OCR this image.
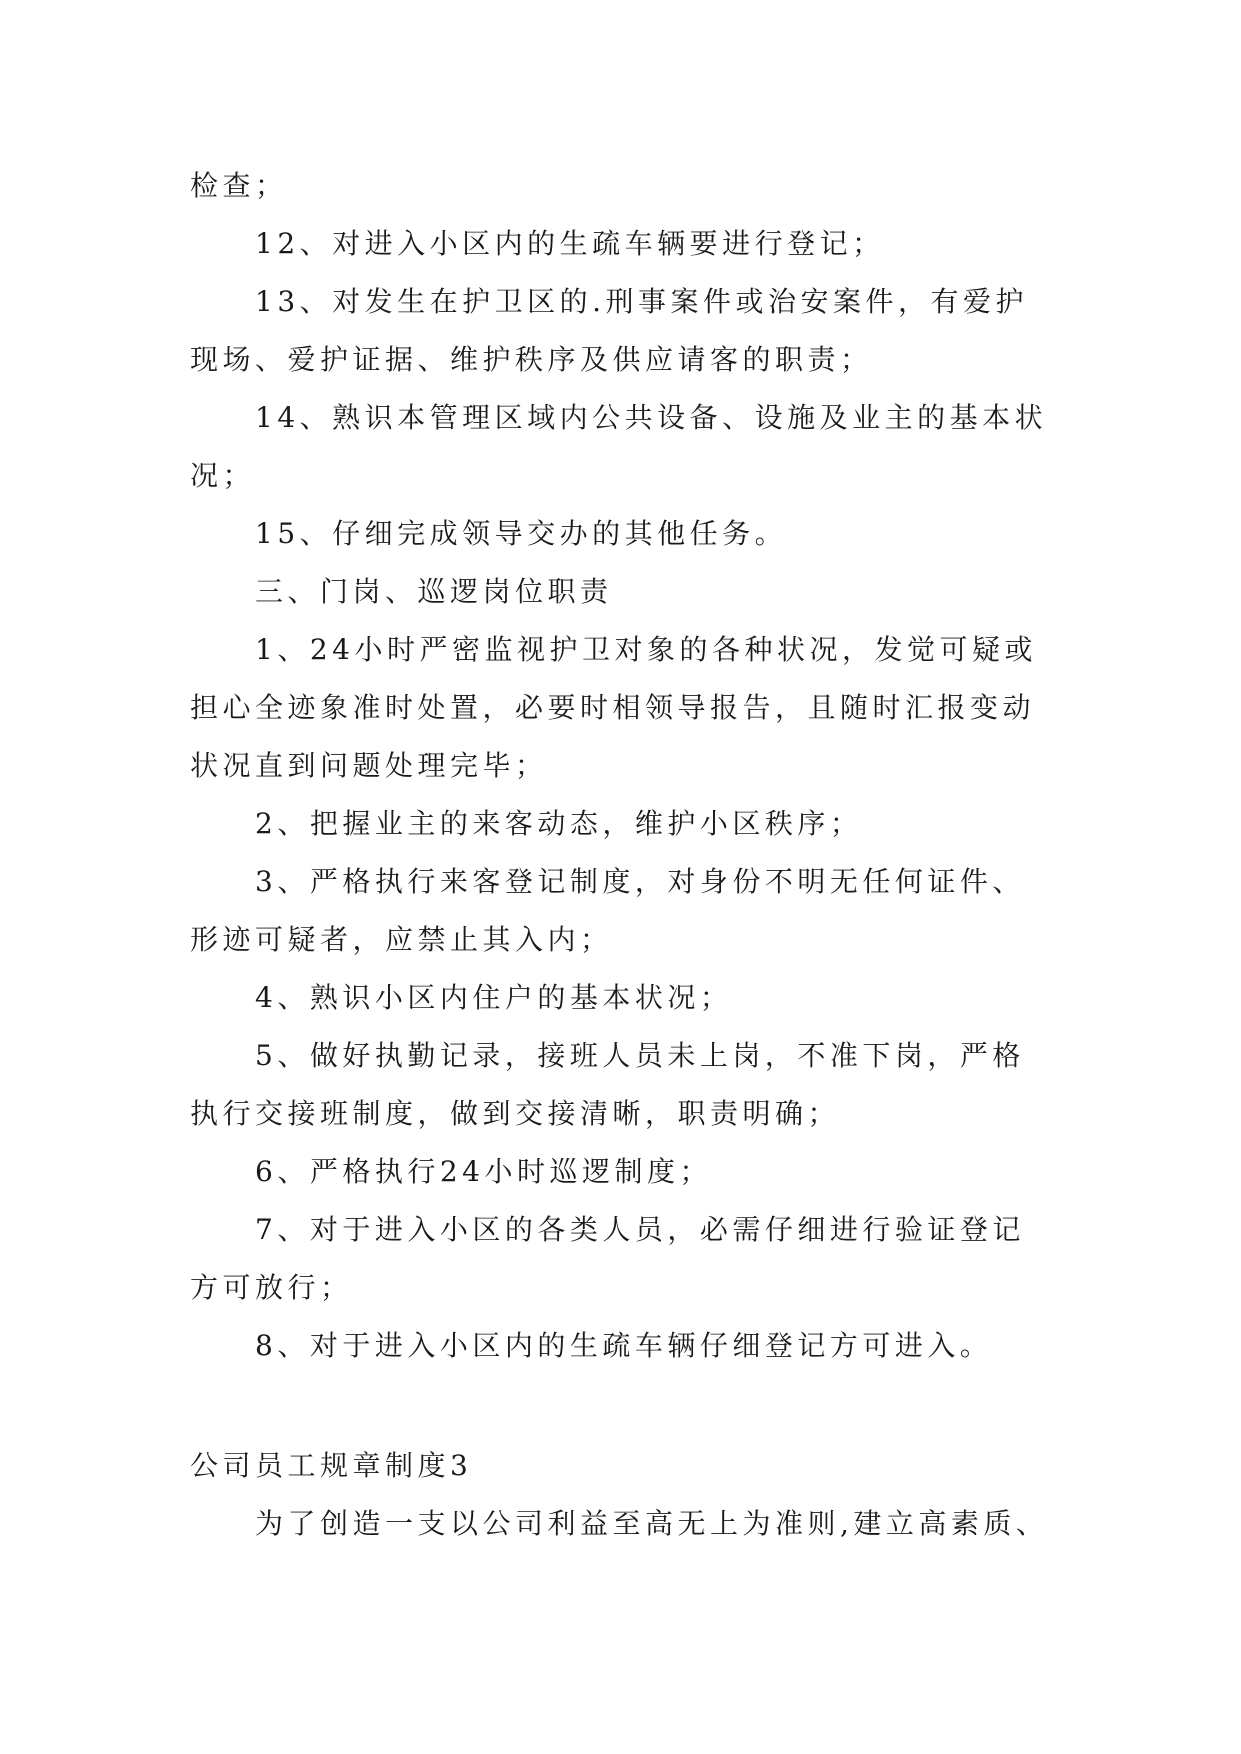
检查；
12、对进入小区内的生疏车辆要进行登记；
13、对发生在护卫区的.刑事案件或治安案件，有爱护
现场、爱护证据、维护秩序及供应请客的职责；
14、熟识本管理区域内公共设备、设施及业主的基本状
况；
15、仔细完成领导交办的其他任务。
三、门岗、巡逻岗位职责
1、24小时严密监视护卫对象的各种状况，发觉可疑或
担心全迹象准时处置，必要时相领导报告，且随时汇报变动
状况直到问题处理完毕；
2、把握业主的来客动态，维护小区秩序；
3、严格执行来客登记制度，对身份不明无任何证件、
形迹可疑者，应禁止其入内；
4、熟识小区内住户的基本状况；
5、做好执勤记录，接班人员未上岗，不准下岗，严格
执行交接班制度，做到交接清晰，职责明确；
6、严格执行24小时巡逻制度；
7、对于进入小区的各类人员，必需仔细进行验证登记
方可放行；
8、对于进入小区内的生疏车辆仔细登记方可进入。
公司员工规章制度3
为了创造一支以公司利益至高无上为准则,建立高素质、
